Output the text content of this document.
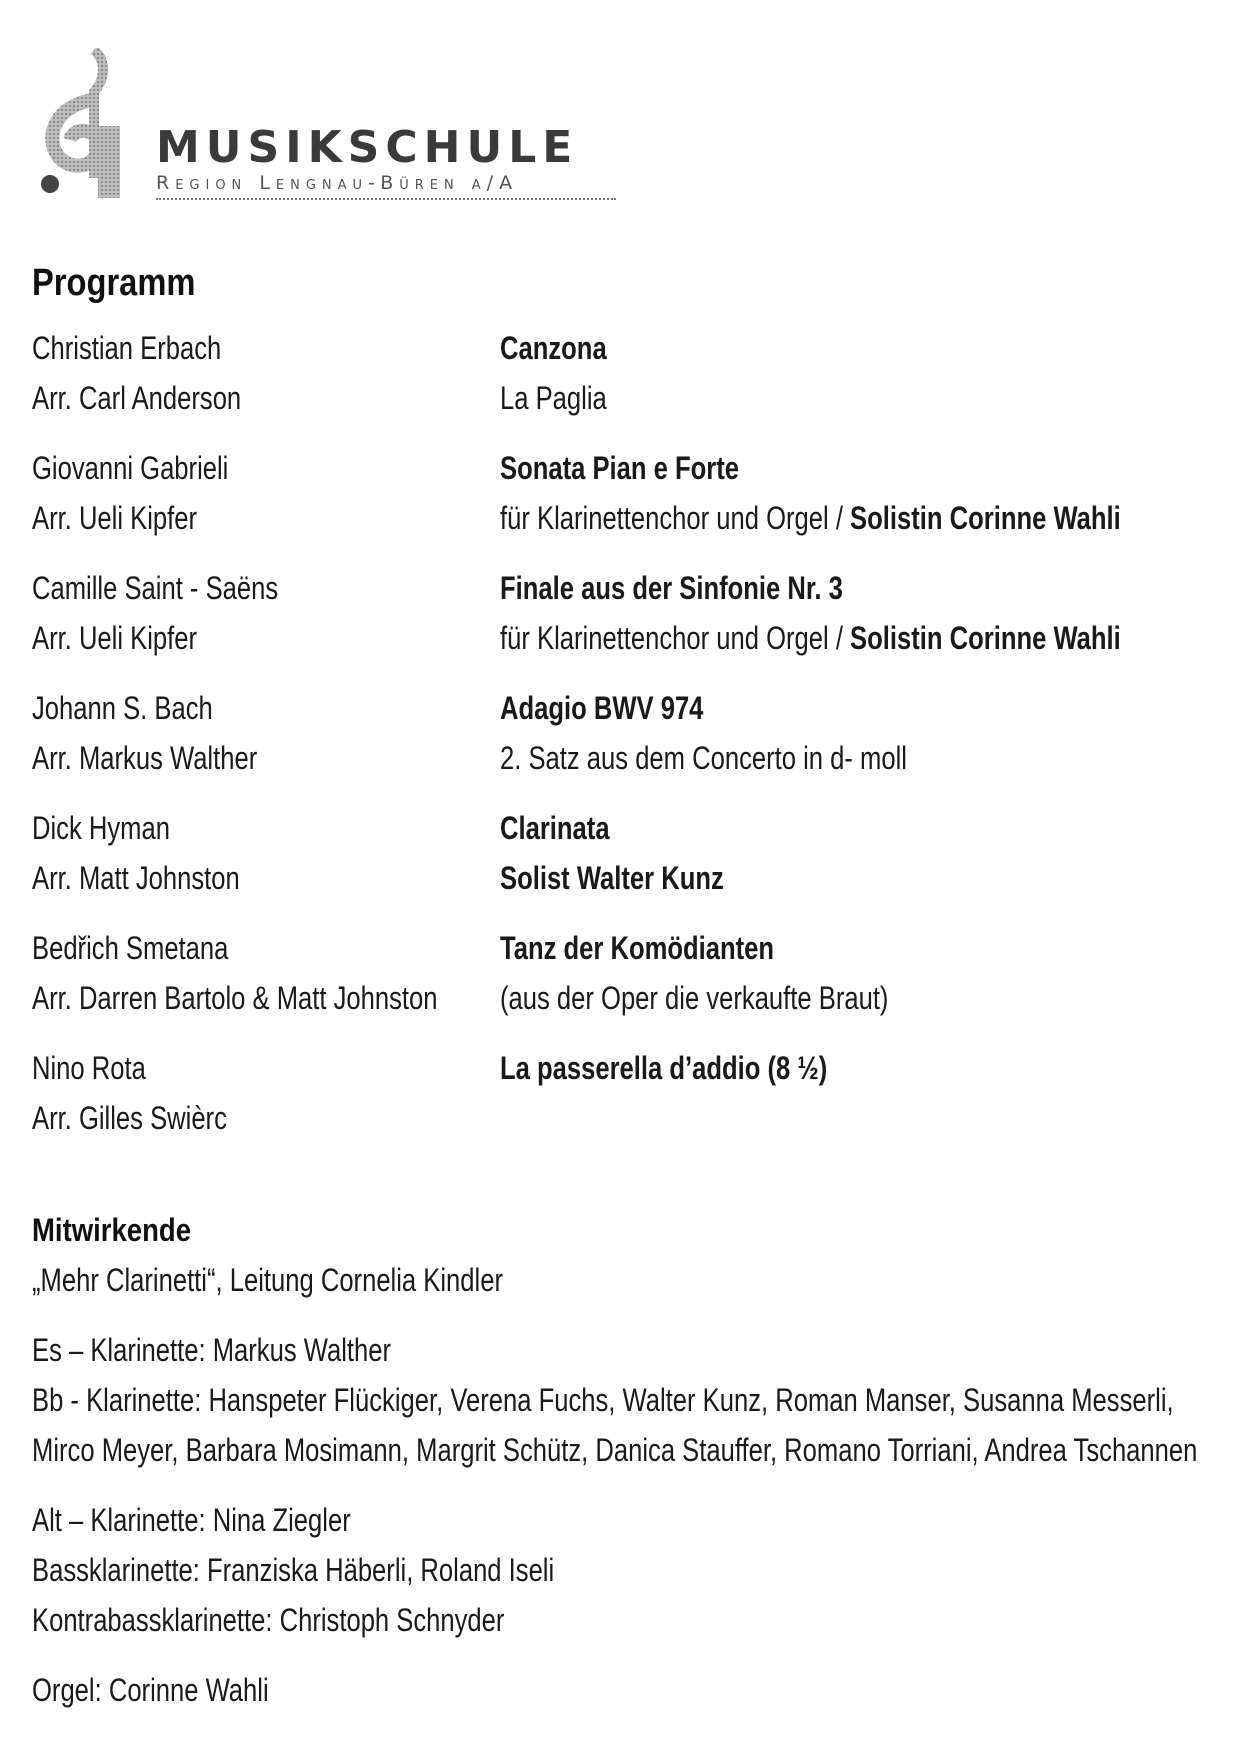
MUSIKSCHULE
Region Lengnau-Büren a/A
Programm
Christian Erbach
Arr. Carl Anderson
Canzona
La Paglia
Giovanni Gabrieli
Arr. Ueli Kipfer
Sonata Pian e Forte
für Klarinettenchor und Orgel / Solistin Corinne Wahli
Camille Saint - Saëns
Arr. Ueli Kipfer
Finale aus der Sinfonie Nr. 3
für Klarinettenchor und Orgel / Solistin Corinne Wahli
Johann S. Bach
Arr. Markus Walther
Adagio BWV 974
2. Satz aus dem Concerto in d- moll
Dick Hyman
Arr. Matt Johnston
Clarinata
Solist Walter Kunz
Bedřich Smetana
Arr. Darren Bartolo & Matt Johnston
Tanz der Komödianten
(aus der Oper die verkaufte Braut)
Nino Rota
Arr. Gilles Swièrc
La passerella d’addio (8 ½)
Mitwirkende
„Mehr Clarinetti“, Leitung Cornelia Kindler
Es – Klarinette: Markus Walther
Bb - Klarinette: Hanspeter Flückiger, Verena Fuchs, Walter Kunz, Roman Manser, Susanna Messerli,
Mirco Meyer, Barbara Mosimann, Margrit Schütz, Danica Stauffer, Romano Torriani, Andrea Tschannen
Alt – Klarinette: Nina Ziegler
Bassklarinette: Franziska Häberli, Roland Iseli
Kontrabassklarinette: Christoph Schnyder
Orgel: Corinne Wahli
